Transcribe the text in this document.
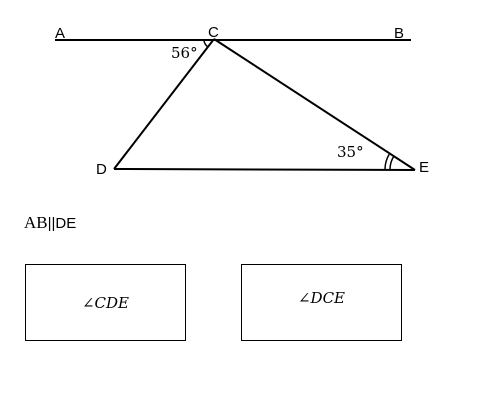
A	B
C
D	E
56°
35°
AB||DE
∠CDE	∠DCE
